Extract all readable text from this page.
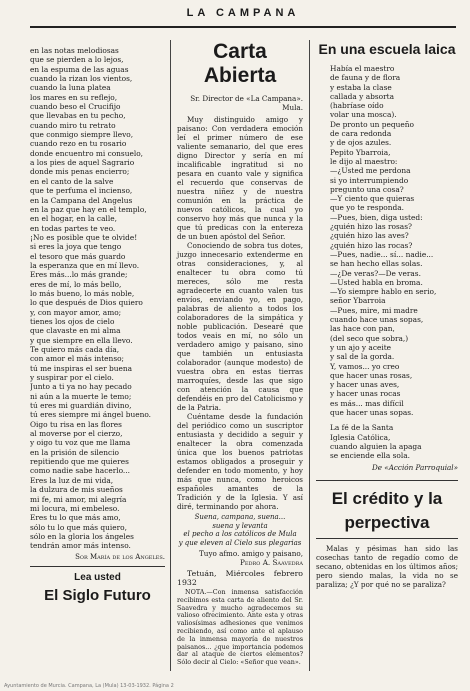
LA CAMPANA
en las notas melodiosas
que se pierden a lo lejos,
en la espuma de las aguas
cuando la rizan los vientos,
cuando la luna platea
los mares en su reflejo,
cuando beso el Crucifijo
que llevabas en tu pecho,
cuando miro tu retrato
que conmigo siempre llevo,
cuando rezo en tu rosario
donde encuentro mi consuelo,
a los pies de aquel Sagrario
donde mis penas encierro;
en el canto de la salve
que te perfuma el incienso,
en la Campana del Angelus
en la paz que hay en el templo,
en el hogar, en la calle,
en todas partes te veo.
¡No es posible que te olvide!
si eres la joya que tengo
el tesoro que más guardo
la esperanza que en mí llevo.
Eres más...lo más grande;
eres de mí, lo más bello,
lo más bueno, lo más noble,
lo que después de Dios quiero
y, con mayor amor, amo;
tienes los ojos de cielo
que clavaste en mi alma
y que siempre en ella llevo.
Te quiero más cada día,
con amor el más intenso;
tú me inspiras el ser buena
y suspirar por el cielo.
Junto a ti ya no hay pecado
ni aún a la muerte le temo;
tú eres mi guardián divino,
tú eres siempre mi ángel bueno.
Oigo tu risa en las flores
al moverse por el cierzo,
y oigo tu voz que me llama
en la prisión de silencio
repitiendo que me quieres
como nadie sabe hacerlo...
Eres la luz de mi vida,
la dulzura de mis sueños
mi fe, mi amor, mi alegría
mi locura, mi embeleso.
Eres tu lo que más amo,
sólo tu lo que más quiero,
sólo en la gloria los ángeles
tendrán amor más intenso.
Sor María de los Angeles.
Lea usted
El Siglo Futuro
Carta Abierta

Sr. Director de «La Campana».

Mula.

Muy distinguido amigo y paisano: Con verdadera emoción leí el primer número de ese valiente semanario, del que eres digno Director y sería en mí incalificable ingratitud si no pesara en cuanto vale y significa el recuerdo que conservas de nuestra niñez y de nuestra comunión en la práctica de nuevos católicos, la cual yo conservo hoy más que nunca y la que tú predicas con la entereza de un buen apóstol del Señor.

Conociendo de sobra tus dotes, juzgo innecesario extenderme en otras consideraciones, y, al enaltecer tu obra como tú mereces, sólo me resta agradecerte en cuanto valen tus envíos, enviando yo, en pago, palabras de aliento a todos los colaboradores de la simpática y noble publicación. Desearé que todos veais en mí, no sólo un verdadero amigo y paisano, sino que también un entusiasta colaborador (aunque modesto) de vuestra obra en estas tierras marroquíes, desde las que sigo con atención la causa que defendéis en pro del Catolicismo y de la Patria.

Cuéntame desde la fundación del periódico como un suscriptor entusiasta y decidido a seguir y enaltecer la obra comenzada única que los buenos patriotas estamos obligados a proseguir y defender en todo momento, y hoy más que nunca, como heroicos españoles amantes de la Tradición y de la Iglesia. Y así diré, terminando por ahora.

Suena, campana, suena...
suena y levanta
el pecho a los católicos de Mula
y que eleven al Cielo sus plegarias

Tuyo afmo. amigo y paisano,

Pedro A. Saavedra

Tetuán, Miércoles febrero 1932

NOTA.—Con inmensa satisfacción recibimos esta carta de aliento del Sr. Saavedra y mucho agradecemos su valioso ofrecimiento. Ante esta y otras valiosísimas adhesiones que venimos recibiendo, así como ante el aplauso de la inmensa mayoría de nuestros paisanos... ¿que importancia podemos dar al ataque de ciertos elementos? Sólo decir al Cielo: «Señor que vean».

En una escuela laica
Había el maestro
de fauna y de flora
y estaba la clase
callada y absorta
(habríase oído
volar una mosca).
De pronto un pequeño
de cara redonda
y de ojos azules.
Pepito Ybarroia,
le dijo al maestro:
—¿Usted me perdona
si yo interrumpiendo
pregunto una cosa?
—Y ciento que quieras
que yo te responda.
—Pues, bien, diga usted:
¿quién hizo las rosas?
¿quién hizo las aves?
¿quién hizo las rocas?
—Pues, nadie... sí... nadie...
se han hecho ellas solas.
—¿De veras?—De veras.
—Usted habla en broma.
—Yo siempre hablo en serio,
señor Ybarroia
—Pues, mire, mi madre
cuando hace unas sopas,
las hace con pan,
(del seco que sobra,)
y un ajo y aceite
y sal de la gorda.
Y, vamos... yo creo
que hacer unas rosas,
y hacer unas aves,
y hacer unas rocas
es más... mas difícil
que hacer unas sopas.
La fé de la Santa
Iglesia Católica,
cuando alguien la apaga
se enciende ella sola.

De «Acción Parroquial»

El crédito y la perpectiva

Malas y pésimas han sido las cosechas tanto de regadío como de secano, obtenidas en los últimos años; pero siendo malas, la vida no se paraliza; ¿Y por qué no se paraliza?

Ayuntamiento de Murcia. Campana, La (Mula) 13-03-1932. Página 2
